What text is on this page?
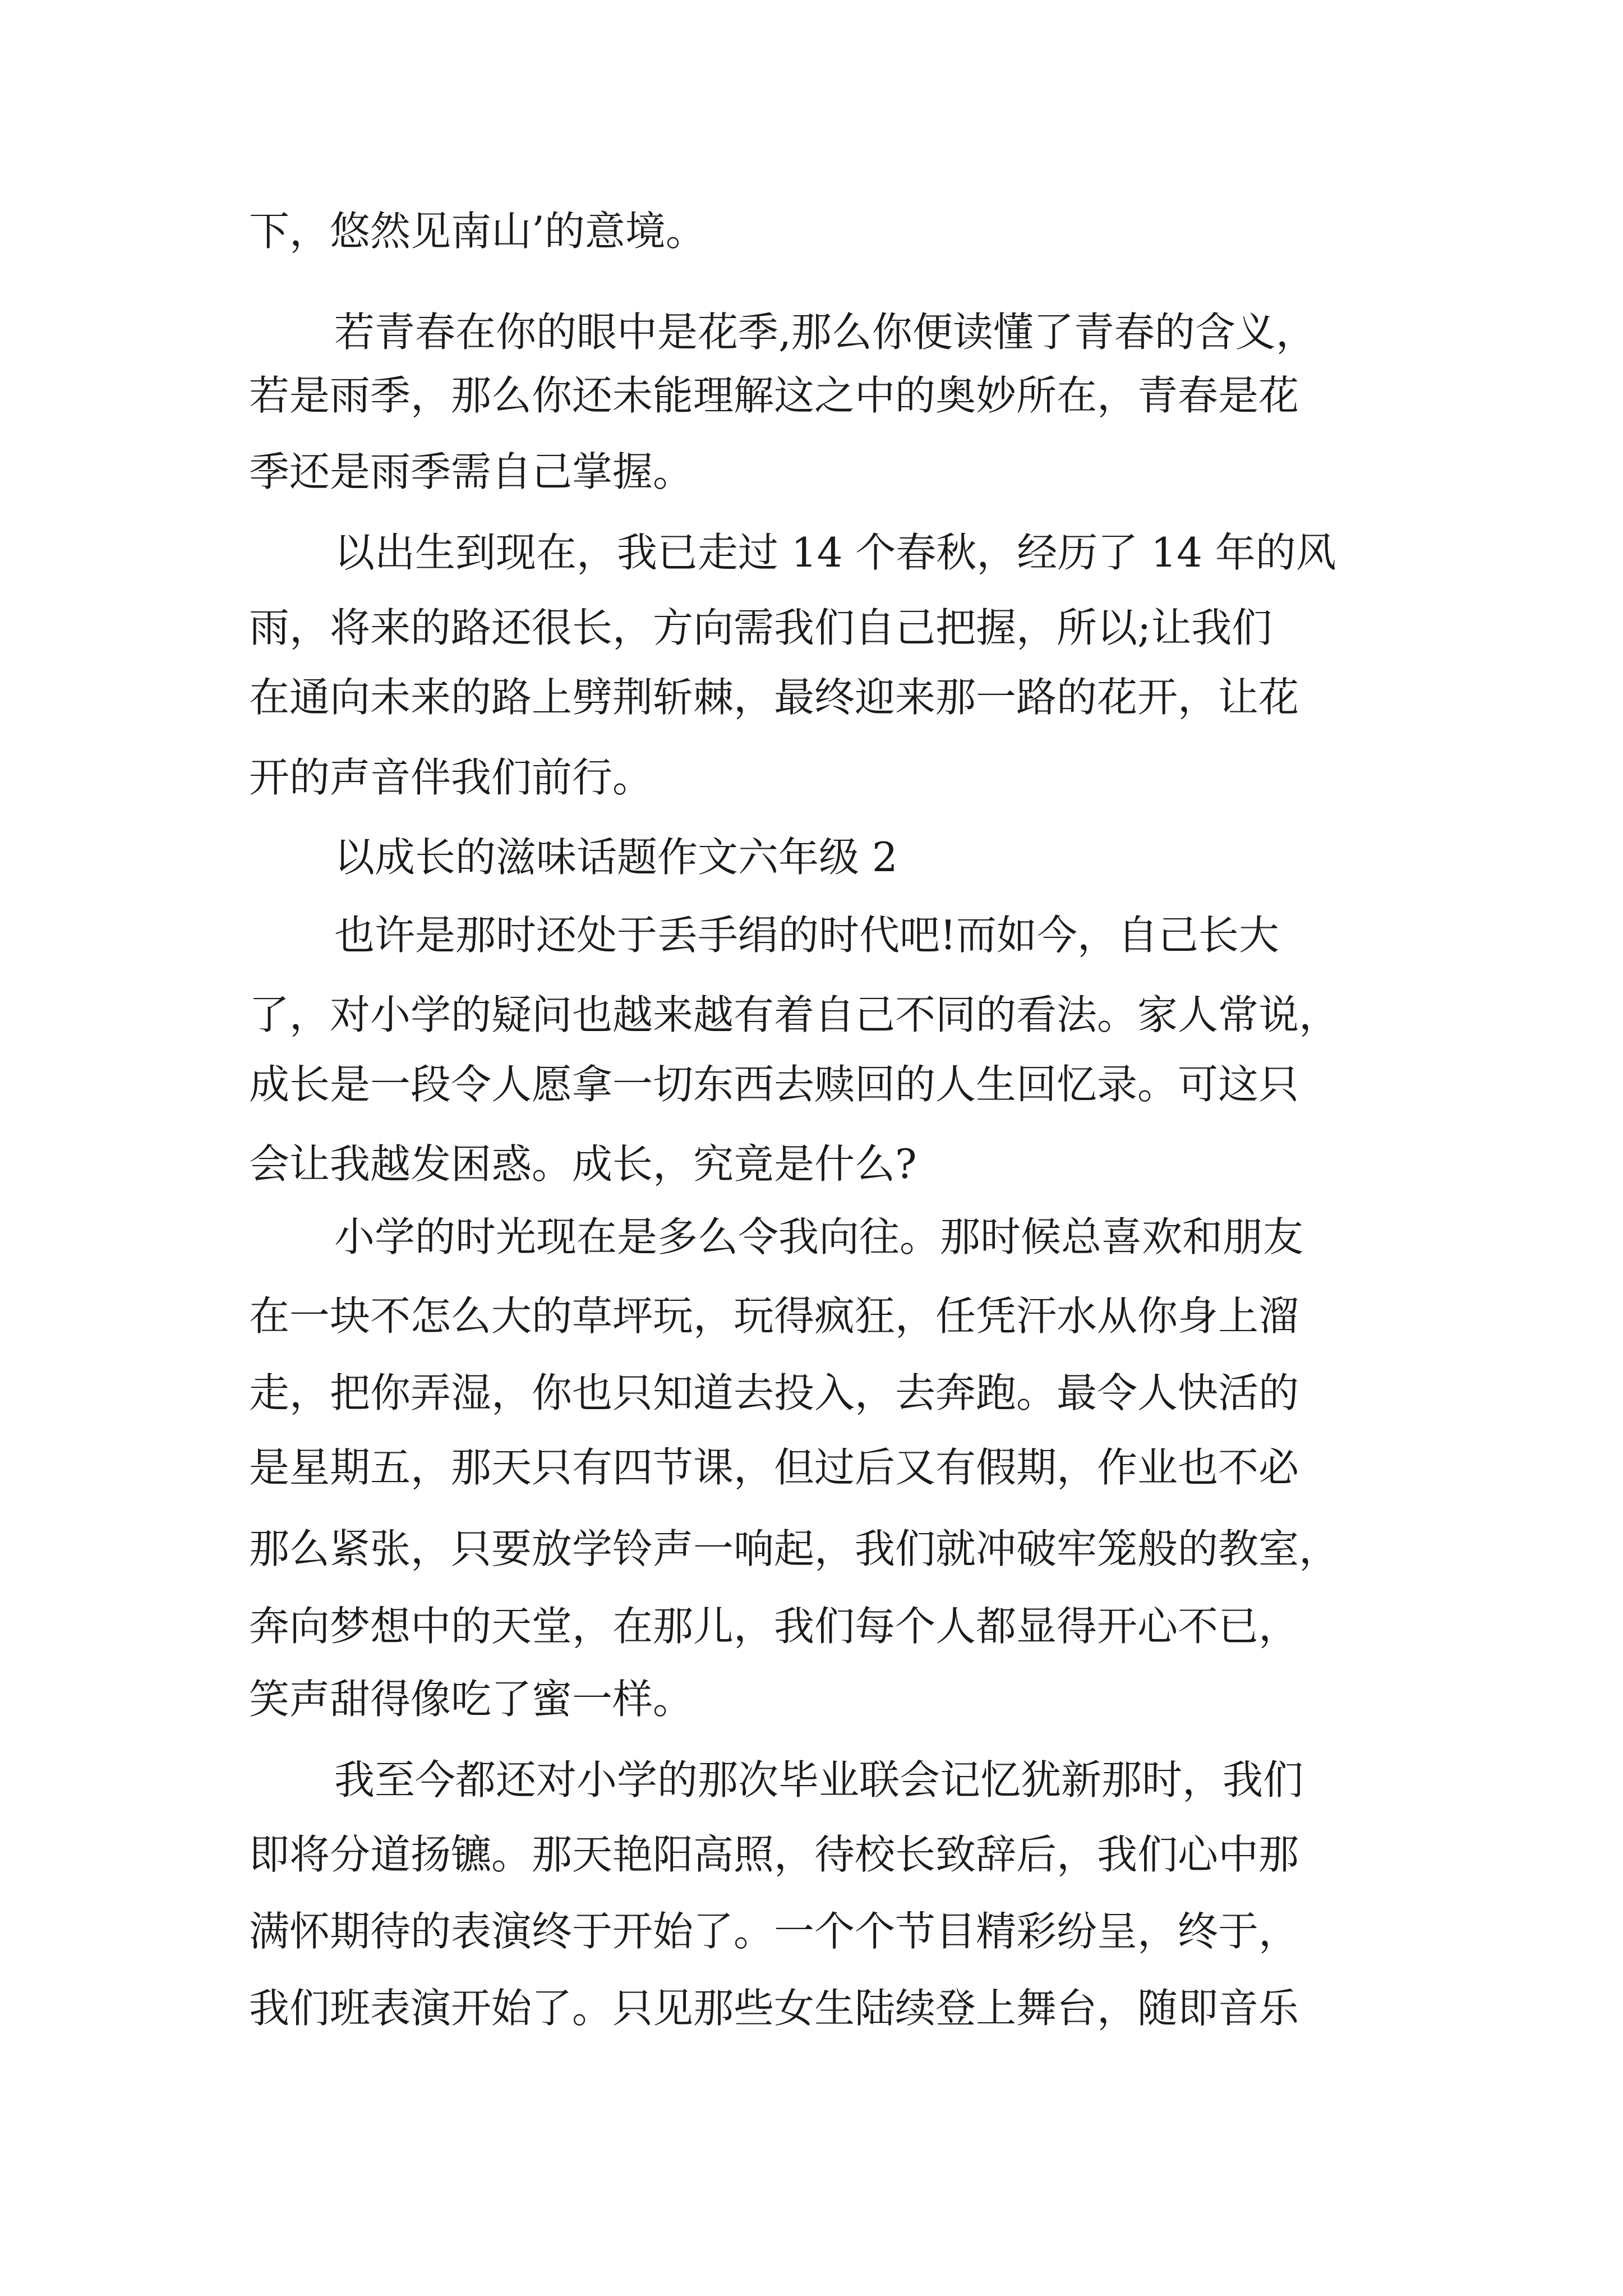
下，悠然见南山’的意境。

若青春在你的眼中是花季,那么你便读懂了青春的含义，

若是雨季，那么你还未能理解这之中的奥妙所在，青春是花

季还是雨季需自己掌握。

以出生到现在，我已走过 14 个春秋，经历了 14 年的风

雨，将来的路还很长，方向需我们自己把握，所以;让我们

在通向未来的路上劈荆斩棘，最终迎来那一路的花开，让花

开的声音伴我们前行。

以成长的滋味话题作文六年级 2

也许是那时还处于丢手绢的时代吧!而如今，自己长大

了，对小学的疑问也越来越有着自己不同的看法。家人常说，

成长是一段令人愿拿一切东西去赎回的人生回忆录。可这只

会让我越发困惑。成长，究竟是什么?

小学的时光现在是多么令我向往。那时候总喜欢和朋友

在一块不怎么大的草坪玩，玩得疯狂，任凭汗水从你身上溜

走，把你弄湿，你也只知道去投入，去奔跑。最令人快活的

是星期五，那天只有四节课，但过后又有假期，作业也不必

那么紧张，只要放学铃声一响起，我们就冲破牢笼般的教室，

奔向梦想中的天堂，在那儿，我们每个人都显得开心不已，

笑声甜得像吃了蜜一样。

我至今都还对小学的那次毕业联会记忆犹新那时，我们

即将分道扬镳。那天艳阳高照，待校长致辞后，我们心中那

满怀期待的表演终于开始了。一个个节目精彩纷呈，终于，

我们班表演开始了。只见那些女生陆续登上舞台，随即音乐
